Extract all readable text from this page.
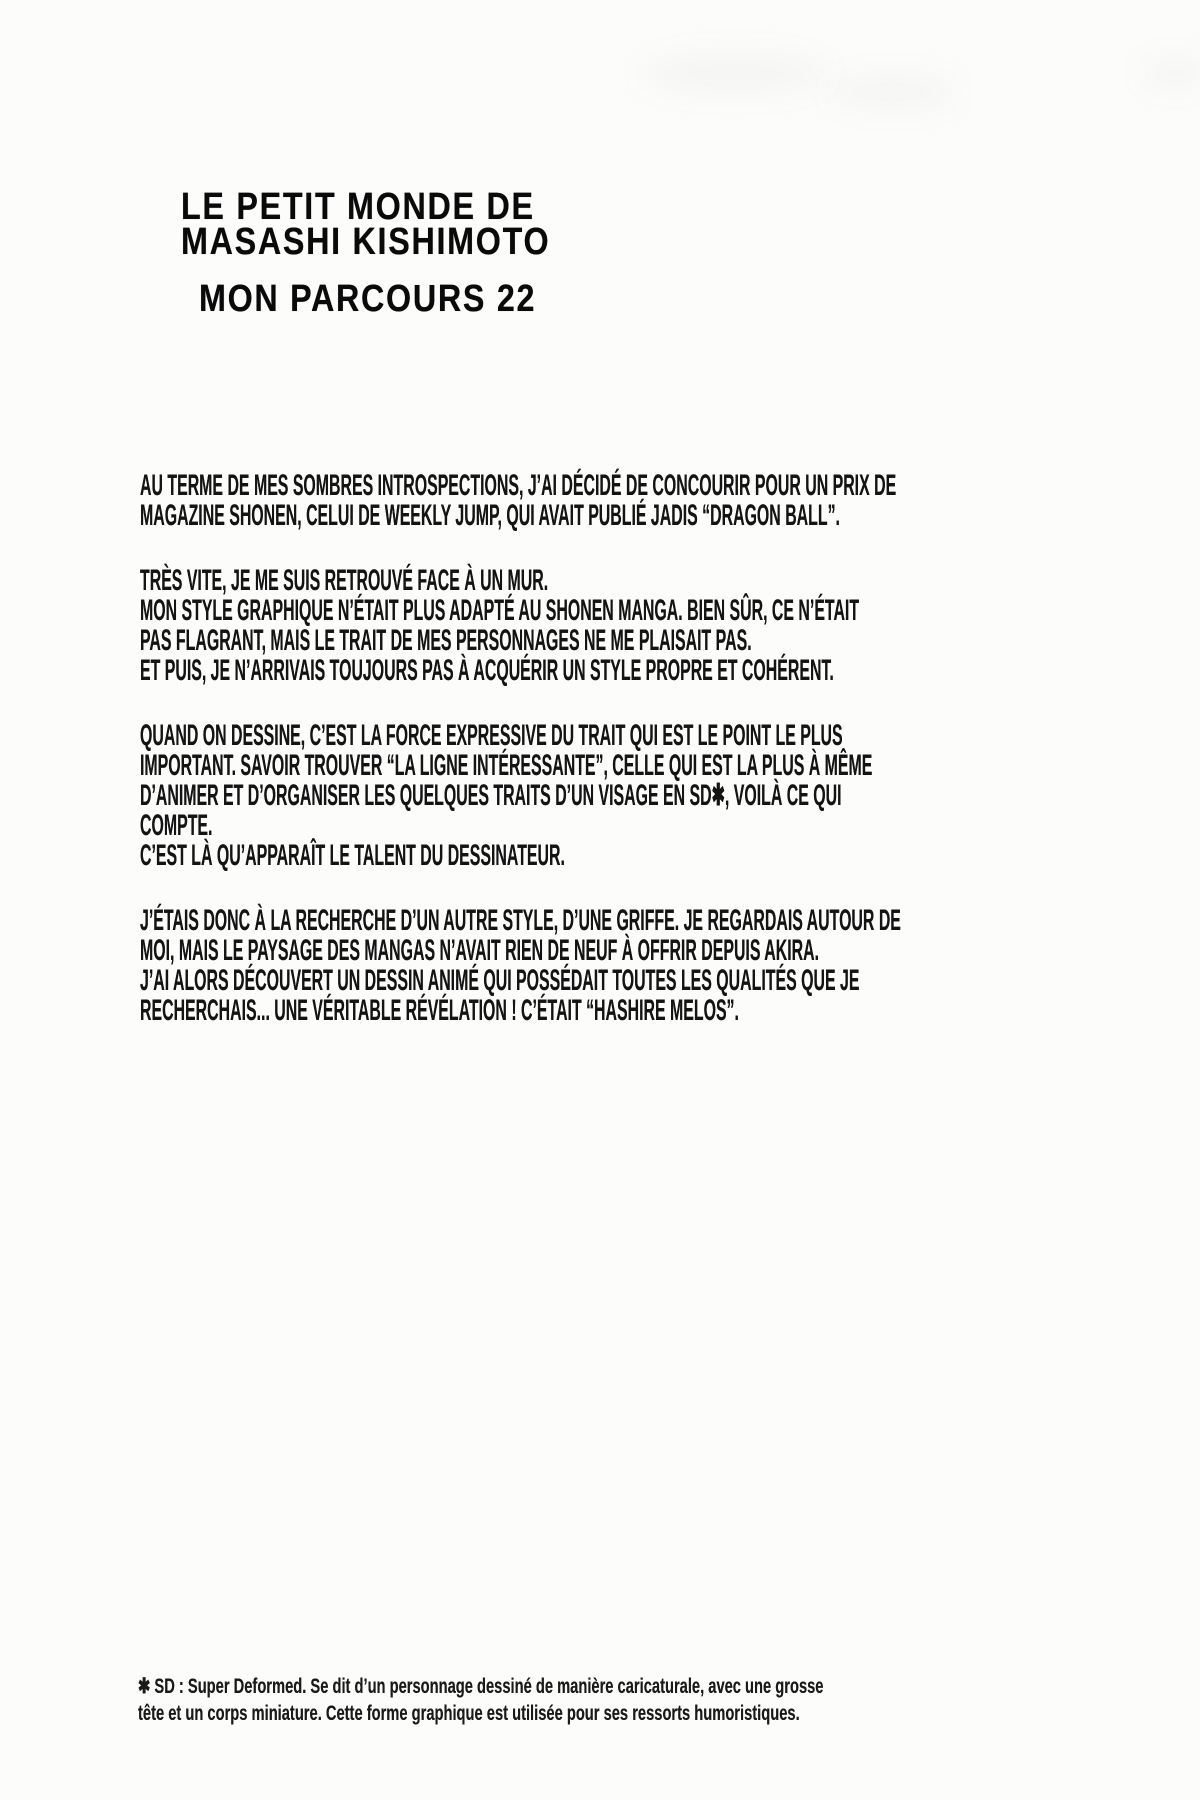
LE PETIT MONDE DE
MASASHI KISHIMOTO
MON PARCOURS 22
AU TERME DE MES SOMBRES INTROSPECTIONS, J’AI DÉCIDÉ DE CONCOURIR POUR UN PRIX DE
MAGAZINE SHONEN, CELUI DE WEEKLY JUMP, QUI AVAIT PUBLIÉ JADIS “DRAGON BALL”.
TRÈS VITE, JE ME SUIS RETROUVÉ FACE À UN MUR.
MON STYLE GRAPHIQUE N’ÉTAIT PLUS ADAPTÉ AU SHONEN MANGA. BIEN SÛR, CE N’ÉTAIT
PAS FLAGRANT, MAIS LE TRAIT DE MES PERSONNAGES NE ME PLAISAIT PAS.
ET PUIS, JE N’ARRIVAIS TOUJOURS PAS À ACQUÉRIR UN STYLE PROPRE ET COHÉRENT.
QUAND ON DESSINE, C’EST LA FORCE EXPRESSIVE DU TRAIT QUI EST LE POINT LE PLUS
IMPORTANT. SAVOIR TROUVER “LA LIGNE INTÉRESSANTE”, CELLE QUI EST LA PLUS À MÊME
D’ANIMER ET D’ORGANISER LES QUELQUES TRAITS D’UN VISAGE EN SD✱, VOILÀ CE QUI
COMPTE.
C’EST LÀ QU’APPARAÎT LE TALENT DU DESSINATEUR.
J’ÉTAIS DONC À LA RECHERCHE D’UN AUTRE STYLE, D’UNE GRIFFE. JE REGARDAIS AUTOUR DE
MOI, MAIS LE PAYSAGE DES MANGAS N’AVAIT RIEN DE NEUF À OFFRIR DEPUIS AKIRA.
J’AI ALORS DÉCOUVERT UN DESSIN ANIMÉ QUI POSSÉDAIT TOUTES LES QUALITÉS QUE JE
RECHERCHAIS... UNE VÉRITABLE RÉVÉLATION ! C’ÉTAIT “HASHIRE MELOS”.
✱ SD : Super Deformed. Se dit d’un personnage dessiné de manière caricaturale, avec une grosse
tête et un corps miniature. Cette forme graphique est utilisée pour ses ressorts humoristiques.
